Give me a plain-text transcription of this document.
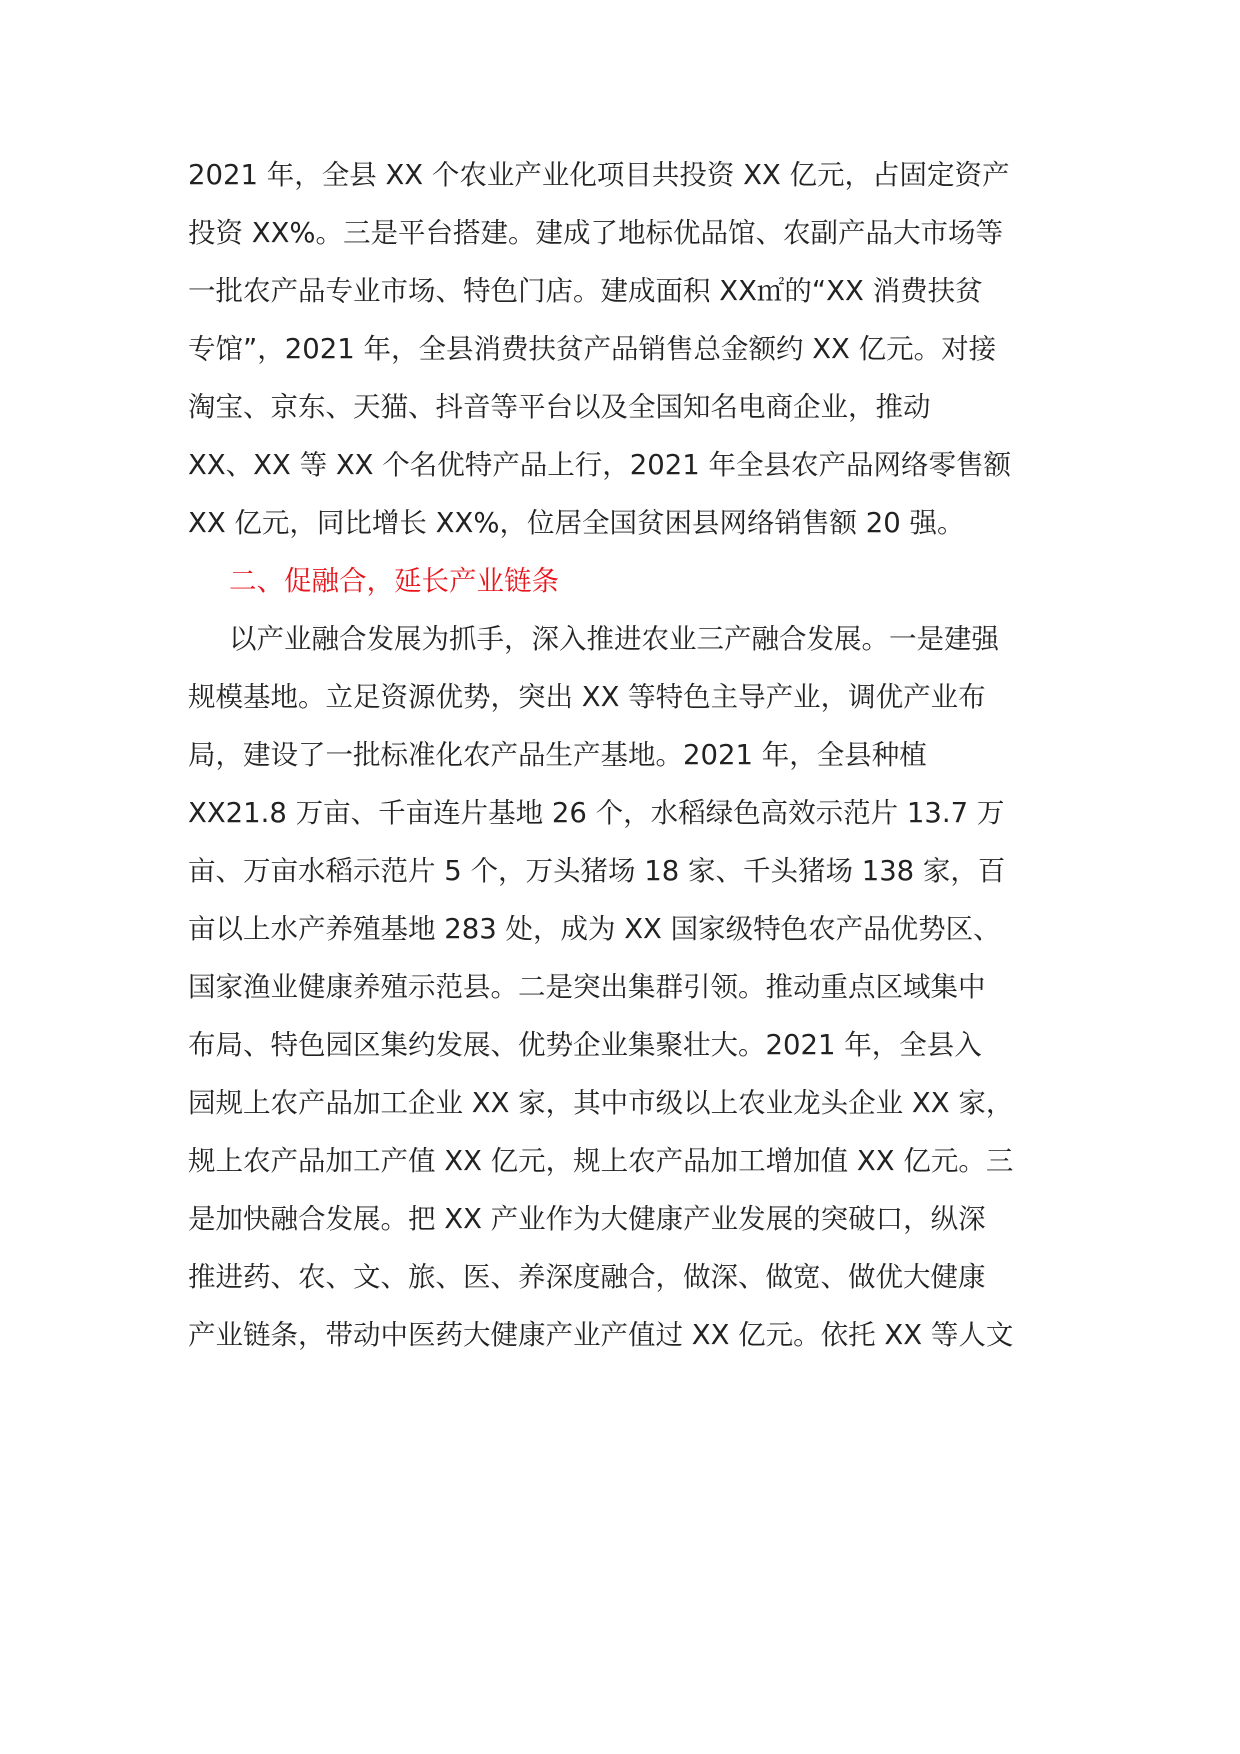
2021 年，全县 XX 个农业产业化项目共投资 XX 亿元，占固定资产
投资 XX%。三是平台搭建。建成了地标优品馆、农副产品大市场等
一批农产品专业市场、特色门店。建成面积 XX㎡的“XX 消费扶贫
专馆”，2021 年，全县消费扶贫产品销售总金额约 XX 亿元。对接
淘宝、京东、天猫、抖音等平台以及全国知名电商企业，推动
XX、XX 等 XX 个名优特产品上行，2021 年全县农产品网络零售额
XX 亿元，同比增长 XX%，位居全国贫困县网络销售额 20 强。
二、促融合，延长产业链条
以产业融合发展为抓手，深入推进农业三产融合发展。一是建强
规模基地。立足资源优势，突出 XX 等特色主导产业，调优产业布
局，建设了一批标准化农产品生产基地。2021 年，全县种植
XX21.8 万亩、千亩连片基地 26 个，水稻绿色高效示范片 13.7 万
亩、万亩水稻示范片 5 个，万头猪场 18 家、千头猪场 138 家，百
亩以上水产养殖基地 283 处，成为 XX 国家级特色农产品优势区、
国家渔业健康养殖示范县。二是突出集群引领。推动重点区域集中
布局、特色园区集约发展、优势企业集聚壮大。2021 年，全县入
园规上农产品加工企业 XX 家，其中市级以上农业龙头企业 XX 家，
规上农产品加工产值 XX 亿元，规上农产品加工增加值 XX 亿元。三
是加快融合发展。把 XX 产业作为大健康产业发展的突破口，纵深
推进药、农、文、旅、医、养深度融合，做深、做宽、做优大健康
产业链条，带动中医药大健康产业产值过 XX 亿元。依托 XX 等人文
